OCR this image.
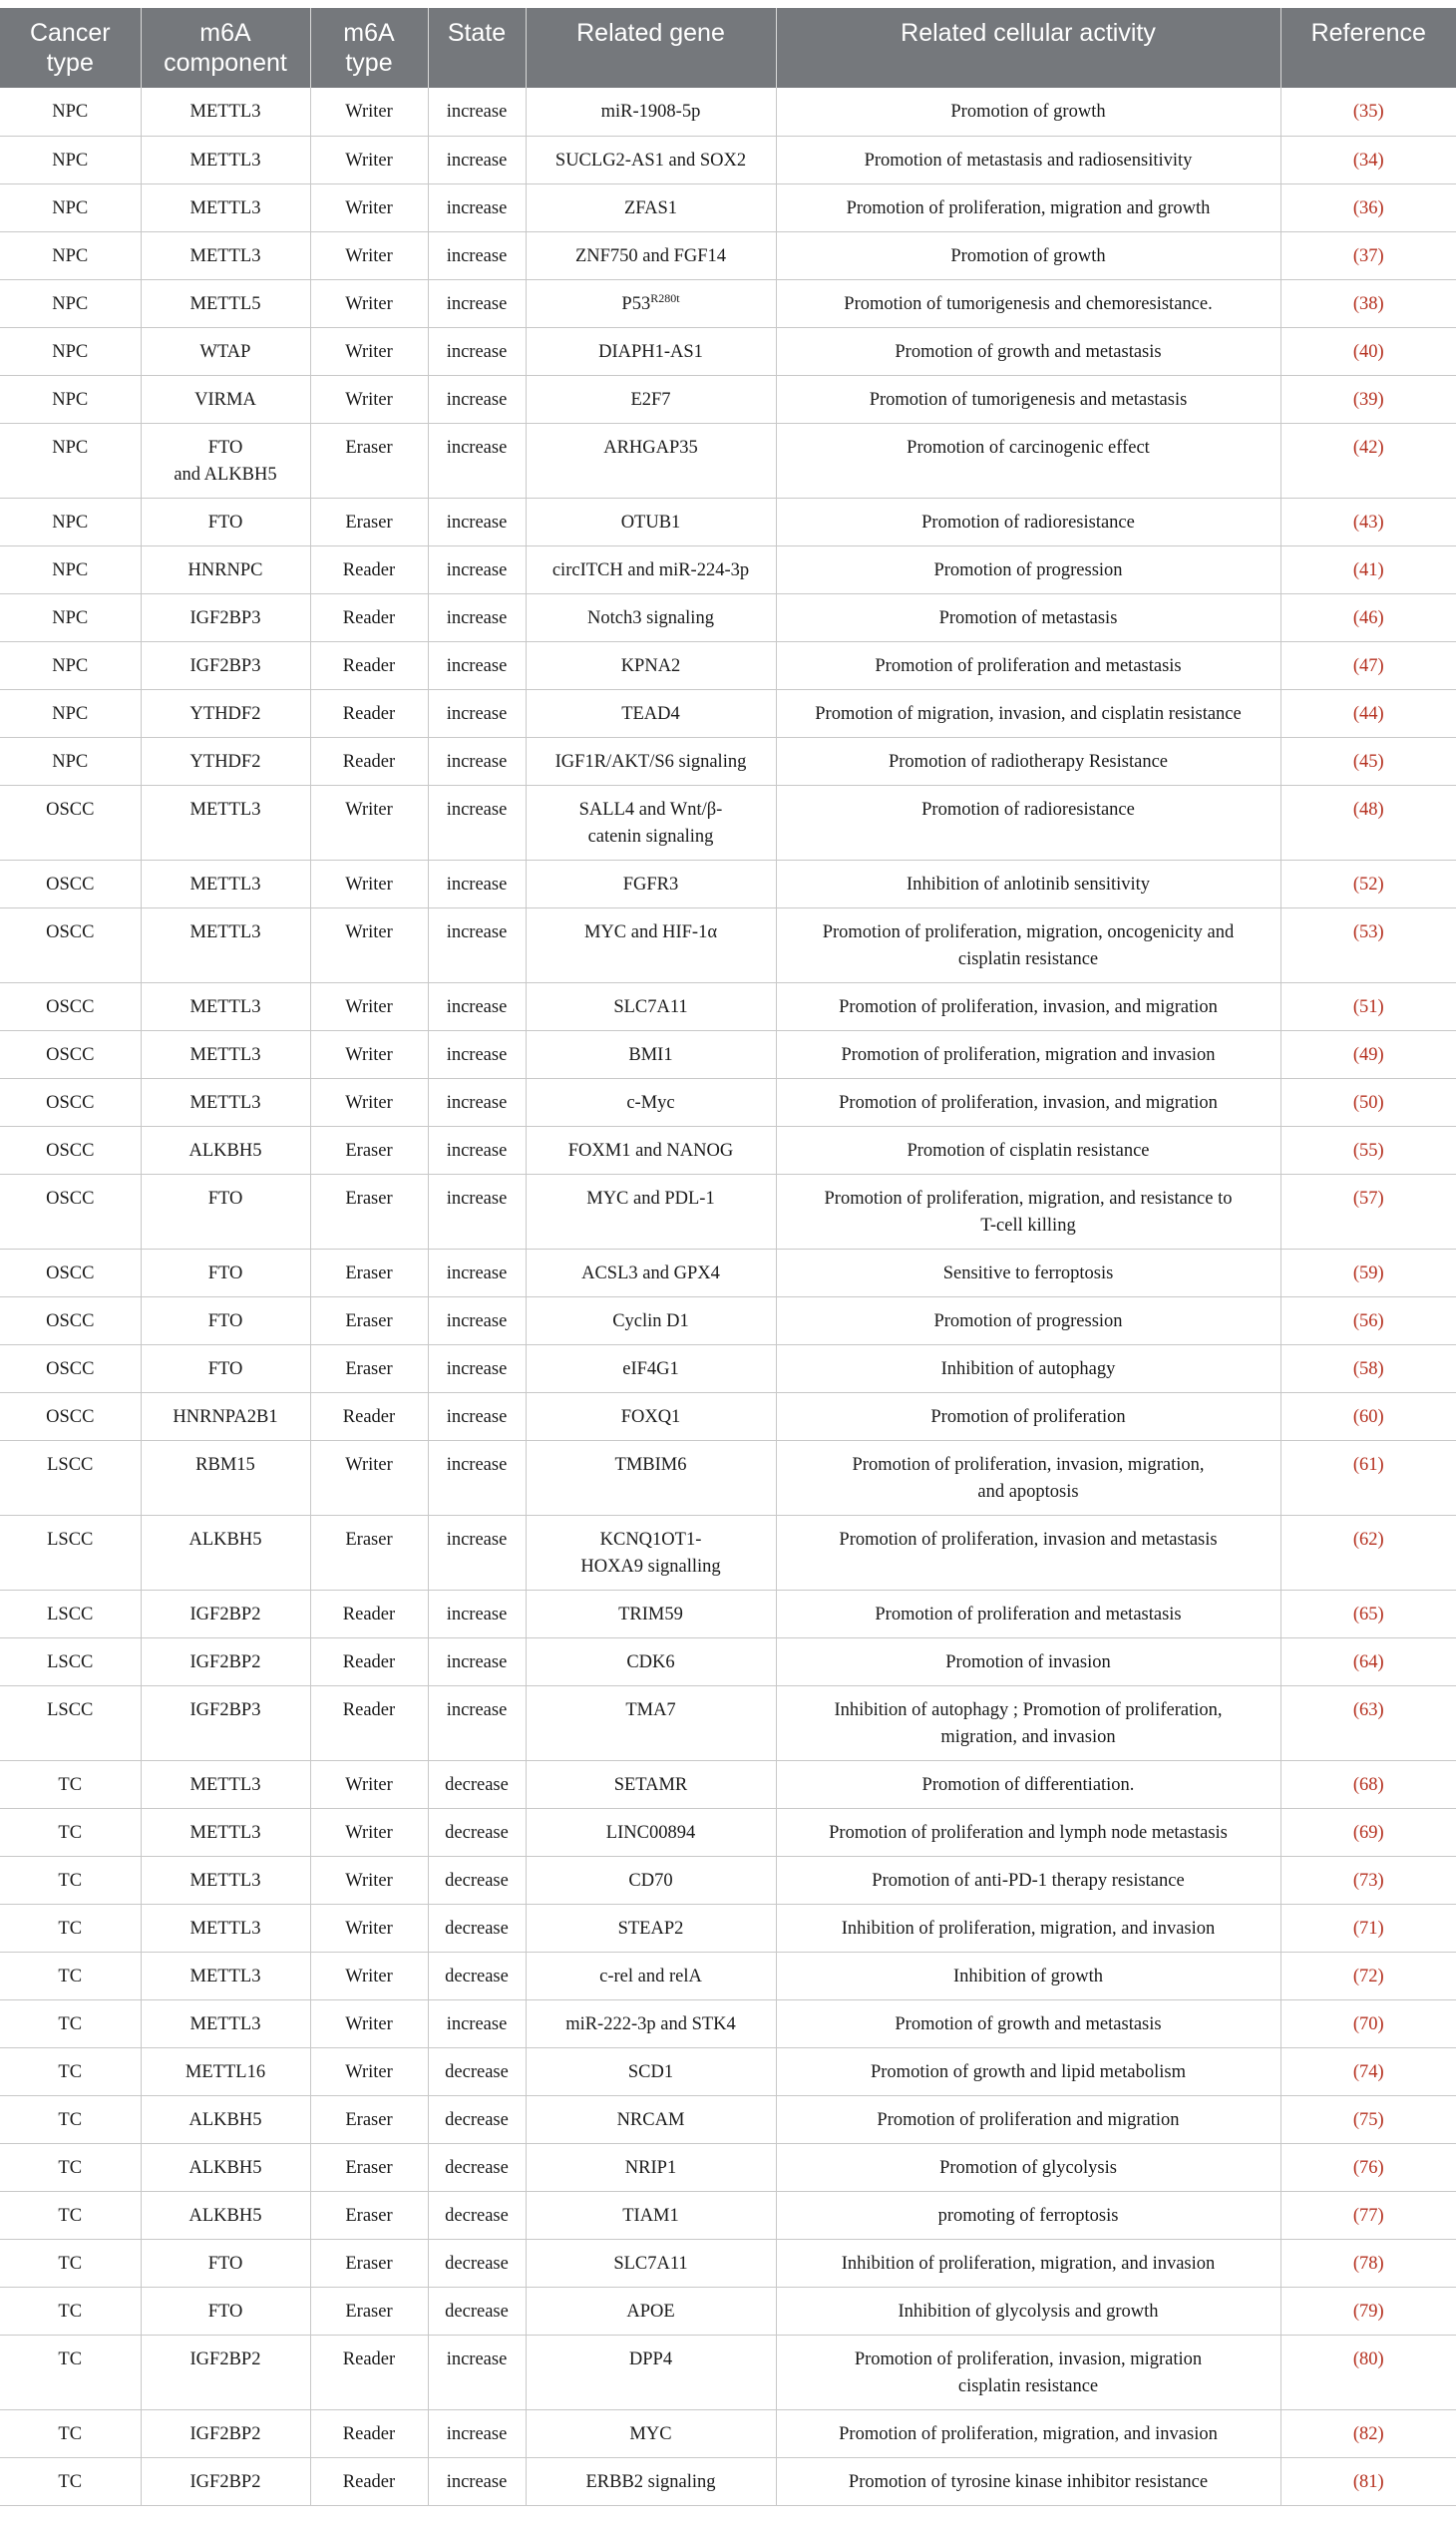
Cancer type	m6A component	m6A type	State	Related gene	Related cellular activity	Reference
NPC	METTL3	Writer	increase	miR-1908-5p	Promotion of growth	(35)
NPC	METTL3	Writer	increase	SUCLG2-AS1 and SOX2	Promotion of metastasis and radiosensitivity	(34)
NPC	METTL3	Writer	increase	ZFAS1	Promotion of proliferation, migration and growth	(36)
NPC	METTL3	Writer	increase	ZNF750 and FGF14	Promotion of growth	(37)
NPC	METTL5	Writer	increase	$P53^{R280t}$	Promotion of tumorigenesis and chemoresistance.	(38)
NPC	WTAP	Writer	increase	DIAPH1-AS1	Promotion of growth and metastasis	(40)
NPC	VIRMA	Writer	increase	E2F7	Promotion of tumorigenesis and metastasis	(39)
NPC	FTO
and ALKBH5	Eraser	increase	ARHGAP35	Promotion of carcinogenic effect	(42)
NPC	FTO	Eraser	increase	OTUB1	Promotion of radioresistance	(43)
NPC	HNRNPC	Reader	increase	circITCH and miR-224-3p	Promotion of progression	(41)
NPC	IGF2BP3	Reader	increase	Notch3 signaling	Promotion of metastasis	(46)
NPC	IGF2BP3	Reader	increase	KPNA2	Promotion of proliferation and metastasis	(47)
NPC	YTHDF2	Reader	increase	TEAD4	Promotion of migration, invasion, and cisplatin resistance	(44)
NPC	YTHDF2	Reader	increase	IGF1R/AKT/S6 signaling	Promotion of radiotherapy Resistance	(45)
OSCC	METTL3	Writer	increase	SALL4 and Wnt/β-
catenin signaling	Promotion of radioresistance	(48)
OSCC	METTL3	Writer	increase	FGFR3	Inhibition of anlotinib sensitivity	(52)
OSCC	METTL3	Writer	increase	MYC and HIF-1α	Promotion of proliferation, migration, oncogenicity and
cisplatin resistance	(53)
OSCC	METTL3	Writer	increase	SLC7A11	Promotion of proliferation, invasion, and migration	(51)
OSCC	METTL3	Writer	increase	BMI1	Promotion of proliferation, migration and invasion	(49)
OSCC	METTL3	Writer	increase	c-Myc	Promotion of proliferation, invasion, and migration	(50)
OSCC	ALKBH5	Eraser	increase	FOXM1 and NANOG	Promotion of cisplatin resistance	(55)
OSCC	FTO	Eraser	increase	MYC and PDL-1	Promotion of proliferation, migration, and resistance to
T-cell killing	(57)
OSCC	FTO	Eraser	increase	ACSL3 and GPX4	Sensitive to ferroptosis	(59)
OSCC	FTO	Eraser	increase	Cyclin D1	Promotion of progression	(56)
OSCC	FTO	Eraser	increase	eIF4G1	Inhibition of autophagy	(58)
OSCC	HNRNPA2B1	Reader	increase	FOXQ1	Promotion of proliferation	(60)
LSCC	RBM15	Writer	increase	TMBIM6	Promotion of proliferation, invasion, migration,
and apoptosis	(61)
LSCC	ALKBH5	Eraser	increase	KCNQ1OT1-
HOXA9 signalling	Promotion of proliferation, invasion and metastasis	(62)
LSCC	IGF2BP2	Reader	increase	TRIM59	Promotion of proliferation and metastasis	(65)
LSCC	IGF2BP2	Reader	increase	CDK6	Promotion of invasion	(64)
LSCC	IGF2BP3	Reader	increase	TMA7	Inhibition of autophagy ; Promotion of proliferation,
migration, and invasion	(63)
TC	METTL3	Writer	decrease	SETAMR	Promotion of differentiation.	(68)
TC	METTL3	Writer	decrease	LINC00894	Promotion of proliferation and lymph node metastasis	(69)
TC	METTL3	Writer	decrease	CD70	Promotion of anti-PD-1 therapy resistance	(73)
TC	METTL3	Writer	decrease	STEAP2	Inhibition of proliferation, migration, and invasion	(71)
TC	METTL3	Writer	decrease	c-rel and relA	Inhibition of growth	(72)
TC	METTL3	Writer	increase	miR-222-3p and STK4	Promotion of growth and metastasis	(70)
TC	METTL16	Writer	decrease	SCD1	Promotion of growth and lipid metabolism	(74)
TC	ALKBH5	Eraser	decrease	NRCAM	Promotion of proliferation and migration	(75)
TC	ALKBH5	Eraser	decrease	NRIP1	Promotion of glycolysis	(76)
TC	ALKBH5	Eraser	decrease	TIAM1	promoting of ferroptosis	(77)
TC	FTO	Eraser	decrease	SLC7A11	Inhibition of proliferation, migration, and invasion	(78)
TC	FTO	Eraser	decrease	APOE	Inhibition of glycolysis and growth	(79)
TC	IGF2BP2	Reader	increase	DPP4	Promotion of proliferation, invasion, migration
cisplatin resistance	(80)
TC	IGF2BP2	Reader	increase	MYC	Promotion of proliferation, migration, and invasion	(82)
TC	IGF2BP2	Reader	increase	ERBB2 signaling	Promotion of tyrosine kinase inhibitor resistance	(81)
